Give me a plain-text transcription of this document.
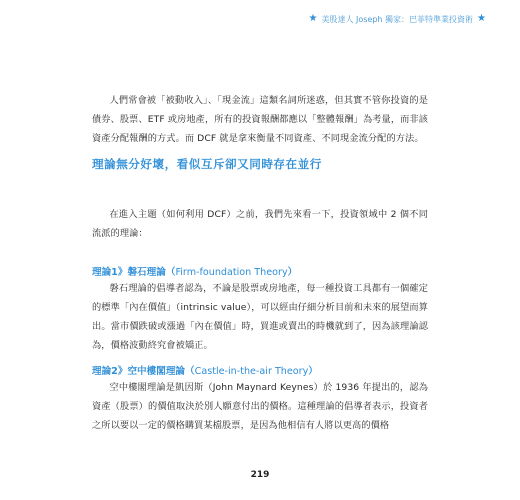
★ 美股達人 Joseph 獨家：巴菲特準業投資術 ★

人們常會被「被動收入」、「現金流」這類名詞所迷惑，但其實不管你投資的是債券、股票、ETF 或房地產，所有的投資報酬都應以「整體報酬」為考量，而非該資產分配報酬的方式。而 DCF 就是拿來衡量不同資產、不同現金流分配的方法。

理論無分好壞，看似互斥卻又同時存在並行

在進入主題（如何利用 DCF）之前，我們先來看一下，投資領域中 2 個不同流派的理論：

理論1》磐石理論（Firm-foundation Theory）

磐石理論的倡導者認為，不論是股票或房地產，每一種投資工具都有一個確定的標準「內在價值」（intrinsic value），可以經由仔細分析目前和未來的展望而算出。當市價跌破或漲過「內在價值」時，買進或賣出的時機就到了，因為該理論認為，價格波動終究會被矯正。

理論2》空中樓閣理論（Castle-in-the-air Theory）

空中樓閣理論是凱因斯（John Maynard Keynes）於 1936 年提出的，認為資產（股票）的價值取決於別人願意付出的價格。這種理論的倡導者表示，投資者之所以要以一定的價格購買某檔股票，是因為他相信有人將以更高的價格

219
